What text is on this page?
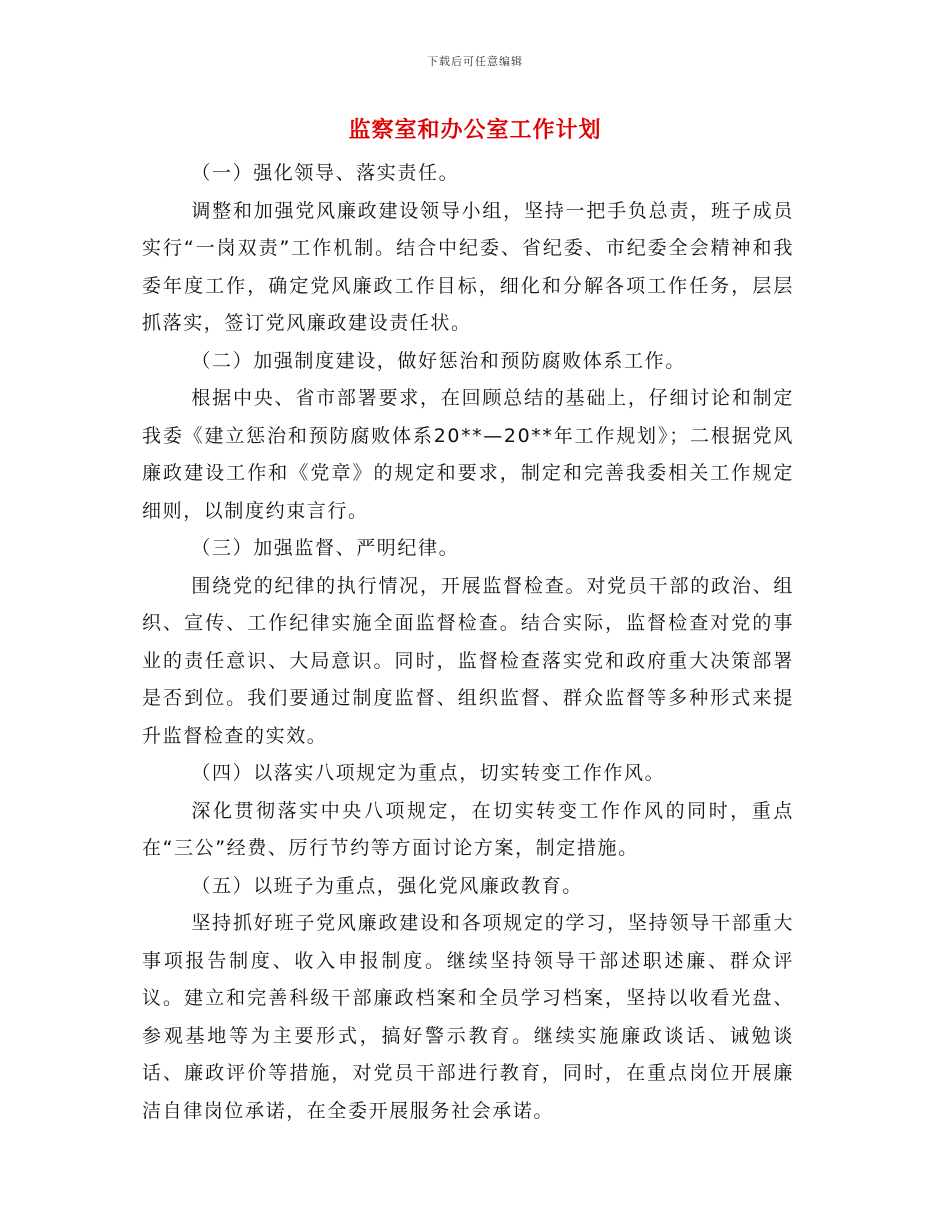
下载后可任意编辑
监察室和办公室工作计划

（一）强化领导、落实责任。

调整和加强党风廉政建设领导小组，坚持一把手负总责，班子成员实行“一岗双责”工作机制。结合中纪委、省纪委、市纪委全会精神和我委年度工作，确定党风廉政工作目标，细化和分解各项工作任务，层层抓落实，签订党风廉政建设责任状。

（二）加强制度建设，做好惩治和预防腐败体系工作。

根据中央、省市部署要求，在回顾总结的基础上，仔细讨论和制定我委《建立惩治和预防腐败体系20**—20**年工作规划》；二根据党风廉政建设工作和《党章》的规定和要求，制定和完善我委相关工作规定细则，以制度约束言行。

（三）加强监督、严明纪律。

围绕党的纪律的执行情况，开展监督检查。对党员干部的政治、组织、宣传、工作纪律实施全面监督检查。结合实际，监督检查对党的事业的责任意识、大局意识。同时，监督检查落实党和政府重大决策部署是否到位。我们要通过制度监督、组织监督、群众监督等多种形式来提升监督检查的实效。

（四）以落实八项规定为重点，切实转变工作作风。

深化贯彻落实中央八项规定，在切实转变工作作风的同时，重点在“三公”经费、厉行节约等方面讨论方案，制定措施。

（五）以班子为重点，强化党风廉政教育。

坚持抓好班子党风廉政建设和各项规定的学习，坚持领导干部重大事项报告制度、收入申报制度。继续坚持领导干部述职述廉、群众评议。建立和完善科级干部廉政档案和全员学习档案，坚持以收看光盘、参观基地等为主要形式，搞好警示教育。继续实施廉政谈话、诫勉谈话、廉政评价等措施，对党员干部进行教育，同时，在重点岗位开展廉洁自律岗位承诺，在全委开展服务社会承诺。
